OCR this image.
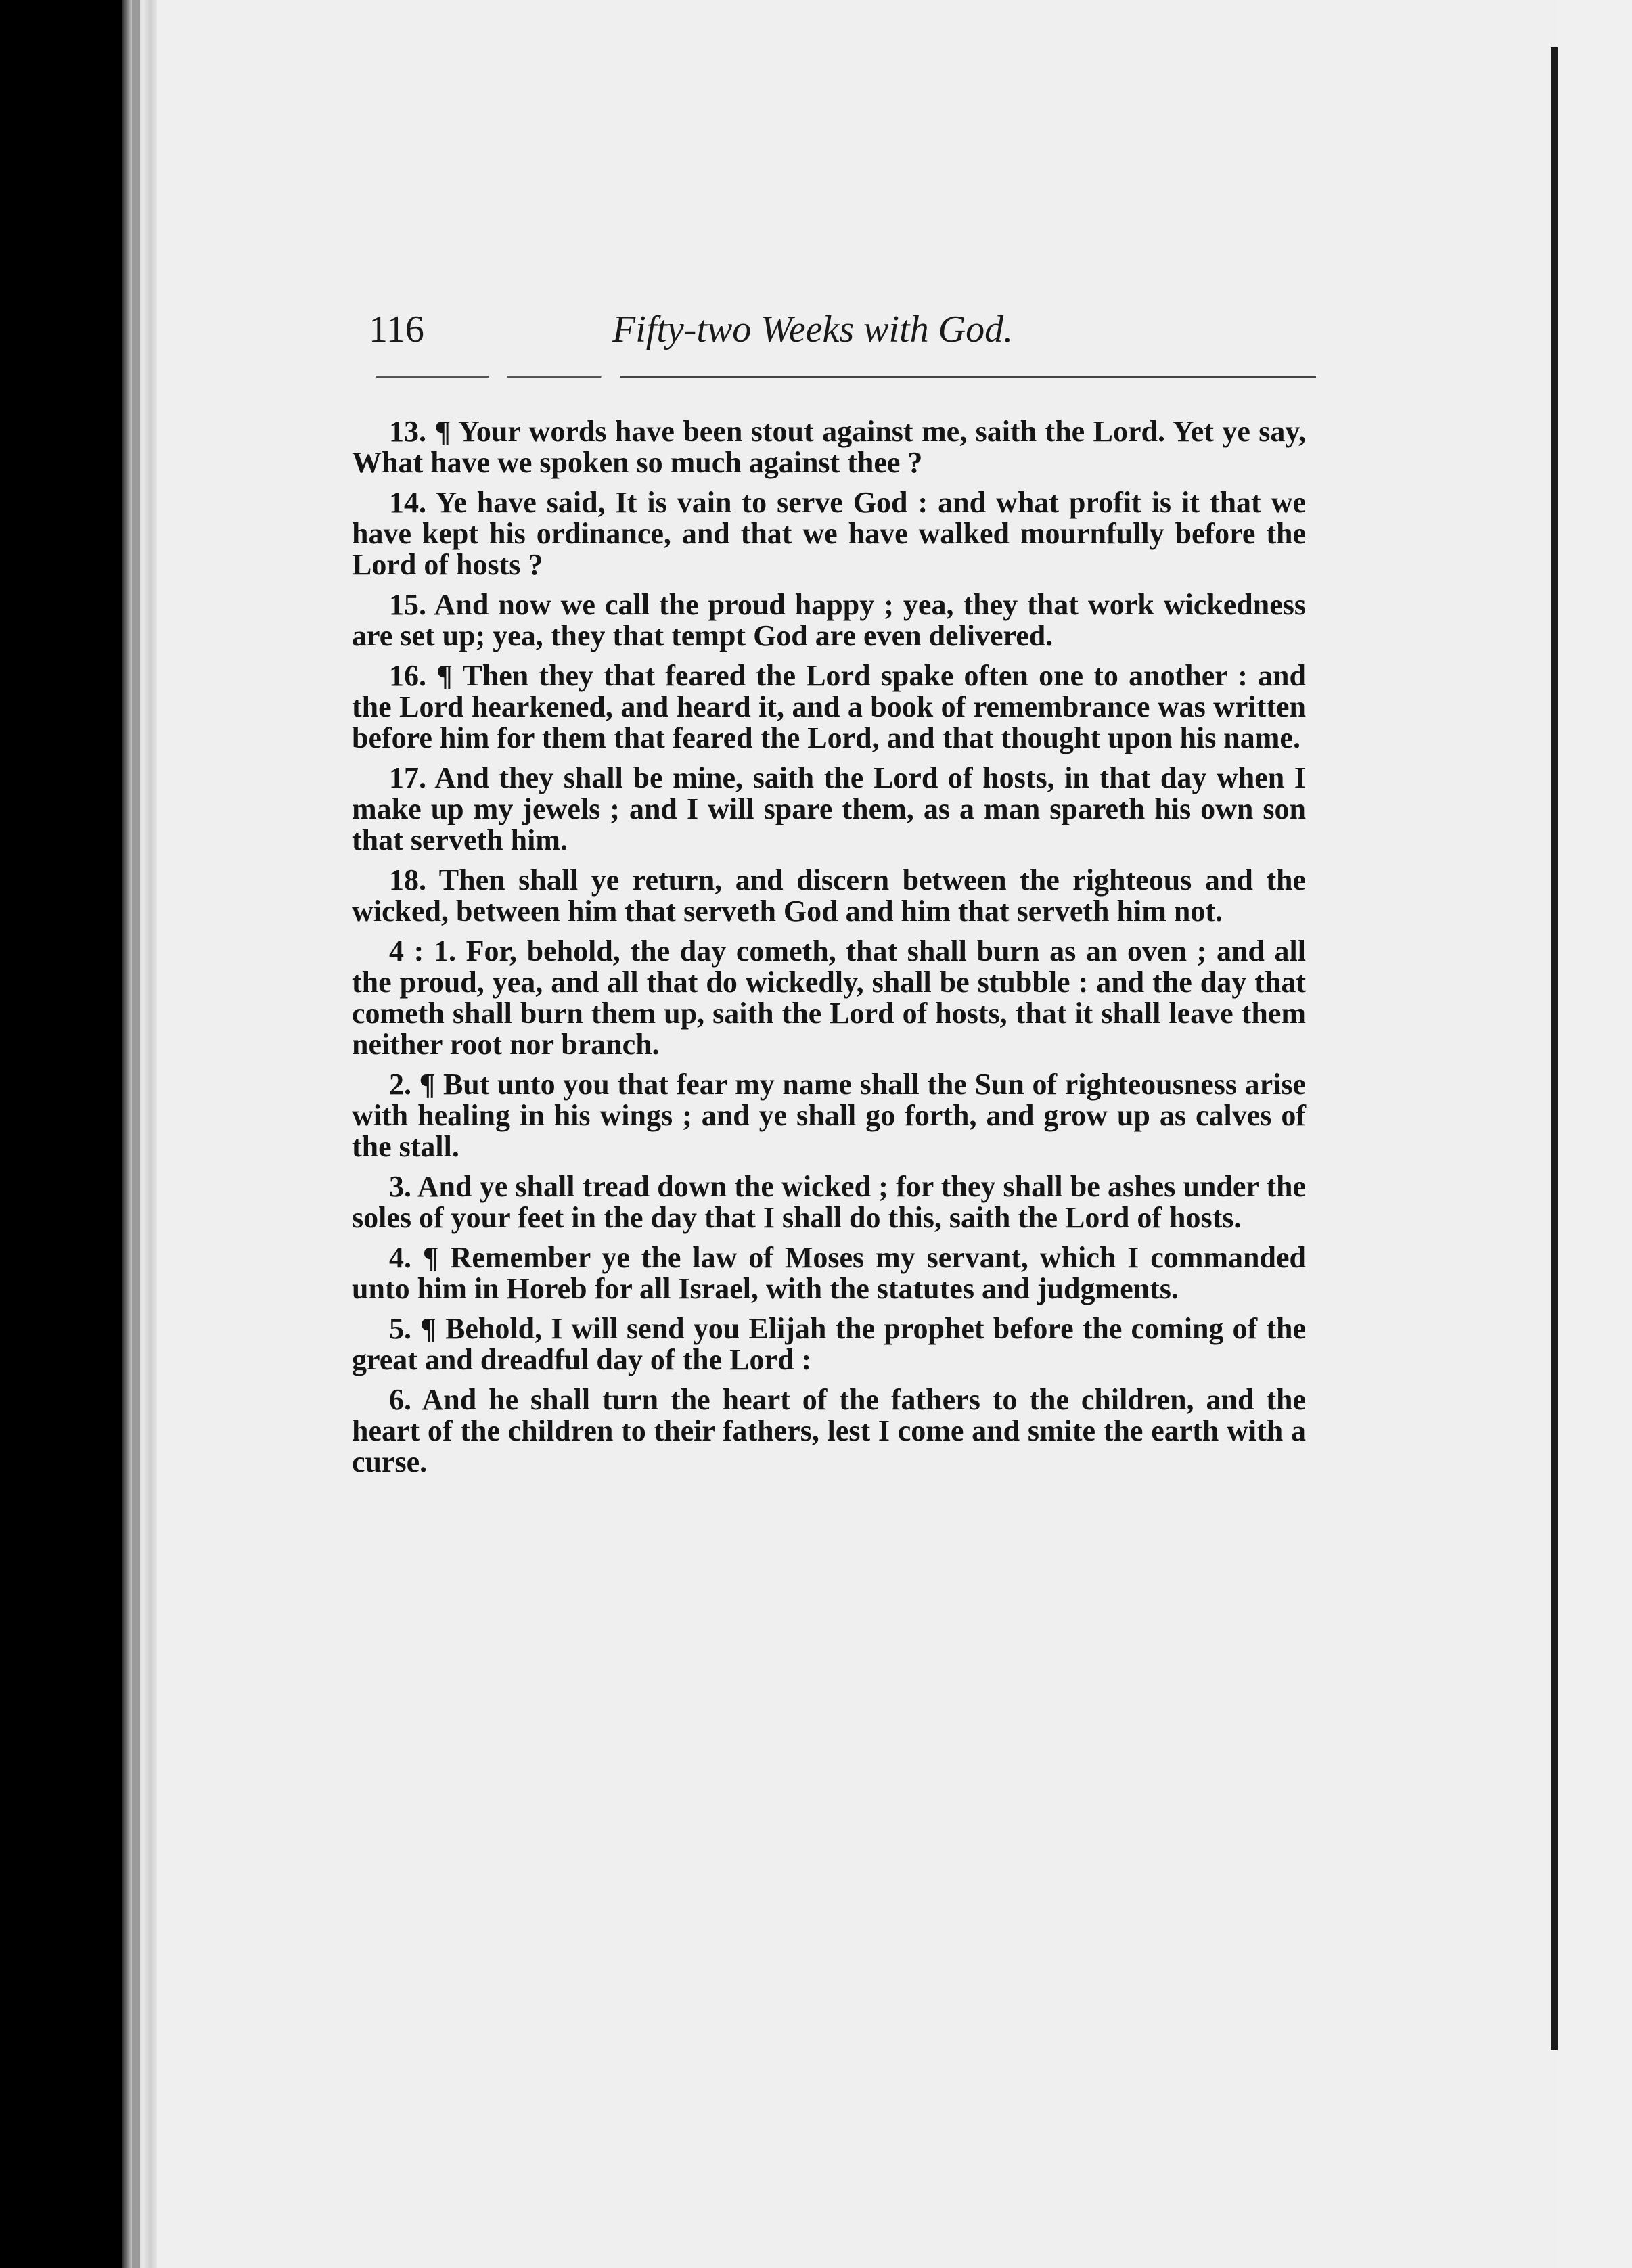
116	Fifty-two Weeks with God.

13. ¶ Your words have been stout against me, saith the Lord. Yet ye say, What have we spoken so much against thee ?

14. Ye have said, It is vain to serve God : and what profit is it that we have kept his ordinance, and that we have walked mournfully before the Lord of hosts ?

15. And now we call the proud happy ; yea, they that work wickedness are set up; yea, they that tempt God are even delivered.

16. ¶ Then they that feared the Lord spake often one to another : and the Lord hearkened, and heard it, and a book of remembrance was written before him for them that feared the Lord, and that thought upon his name.

17. And they shall be mine, saith the Lord of hosts, in that day when I make up my jewels ; and I will spare them, as a man spareth his own son that serveth him.

18. Then shall ye return, and discern between the righteous and the wicked, between him that serveth God and him that serveth him not.

4 : 1. For, behold, the day cometh, that shall burn as an oven ; and all the proud, yea, and all that do wickedly, shall be stubble : and the day that cometh shall burn them up, saith the Lord of hosts, that it shall leave them neither root nor branch.

2. ¶ But unto you that fear my name shall the Sun of righteousness arise with healing in his wings ; and ye shall go forth, and grow up as calves of the stall.

3. And ye shall tread down the wicked ; for they shall be ashes under the soles of your feet in the day that I shall do this, saith the Lord of hosts.

4. ¶ Remember ye the law of Moses my servant, which I commanded unto him in Horeb for all Israel, with the statutes and judgments.

5. ¶ Behold, I will send you Elijah the prophet before the coming of the great and dreadful day of the Lord :

6. And he shall turn the heart of the fathers to the children, and the heart of the children to their fathers, lest I come and smite the earth with a curse.
